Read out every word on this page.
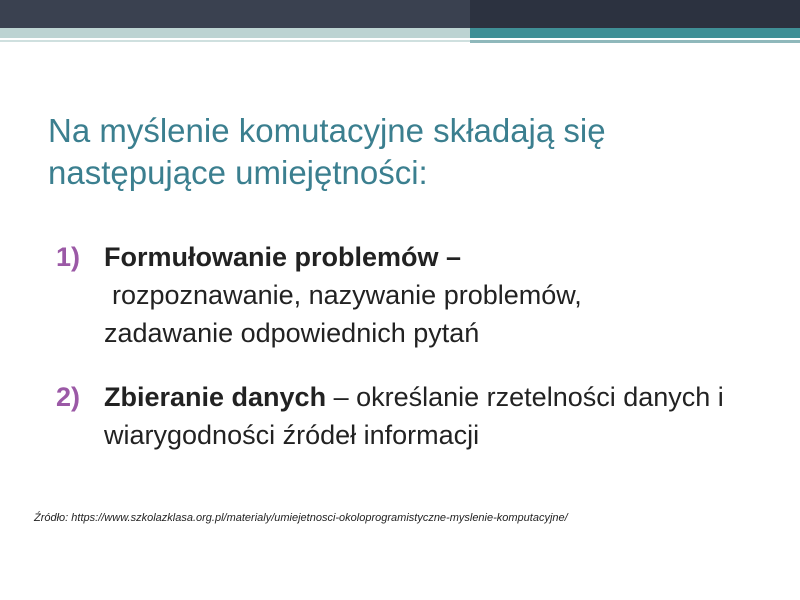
Na myślenie komutacyjne składają się następujące umiejętności:
1) Formułowanie problemów –
rozpoznawanie, nazywanie problemów,
zadawanie odpowiednich pytań
2) Zbieranie danych – określanie rzetelności danych i wiarygodności źródeł informacji
Źródło: https://www.szkolazklasa.org.pl/materialy/umiejetnosci-okoloprogramistyczne-myslenie-komputacyjne/
